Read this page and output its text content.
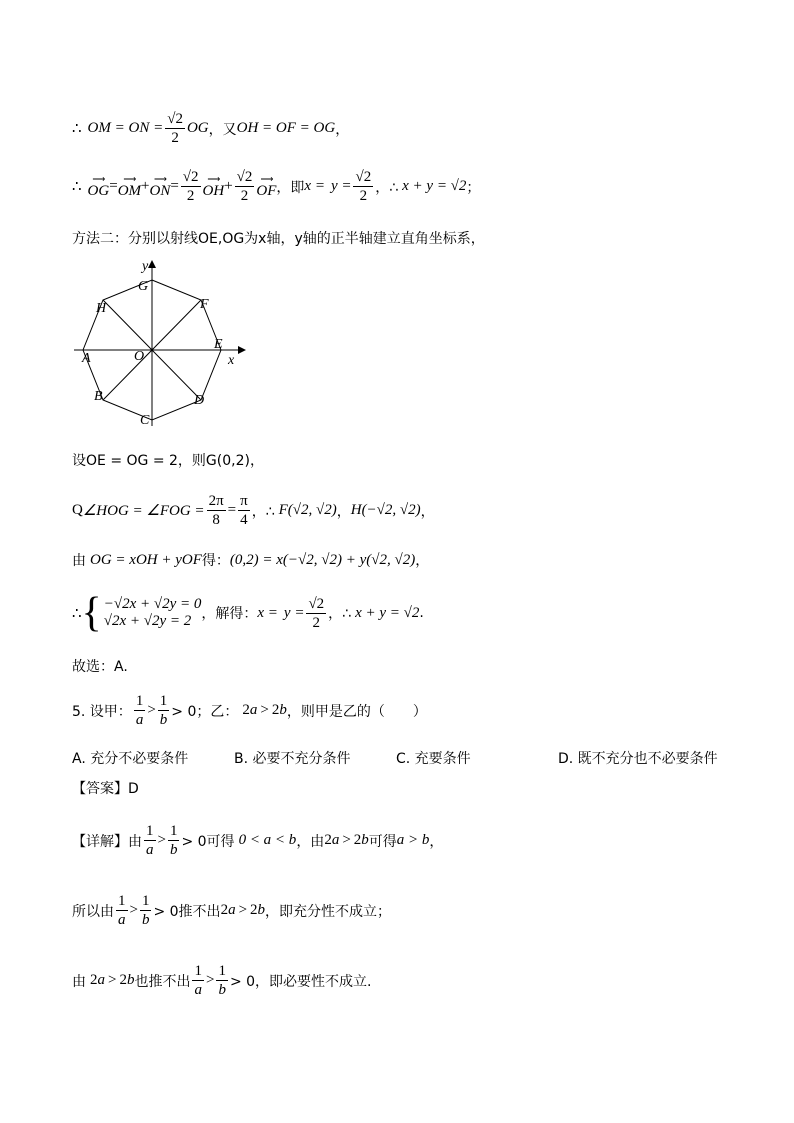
∴ OM = ON = $\frac{√2}{2}$ OG ，又 OH = OF = OG ，
∴
⟶
OG = ⟶
OM + ⟶
ON = $\frac{√2}{2}$ ⟶
OH + $\frac{√2}{2}$ ⟶
OF ，即 $x = y = \frac{√2}{2}$ ，∴ x + y = √2 ；
方法二：分别以射线OE,OG为x轴，y轴的正半轴建立直角坐标系，
y
x
G
F
H
E
A	O
B	D
C
设OE = OG = 2，则G(0,2)，
Q ∠HOG = ∠FOG = $\frac{2\pi}{8} = \frac{\pi}{4}$ ，∴ F(√2, √2) ， H(−√2, √2) ，
由 OG = xOH + yOF 得： (0,2) = x(−√2, √2) + y(√2, √2) ，
∴ { −√2x + √2y = 0
√2x + √2y = 2 ，解得： $x = y = \frac{√2}{2}$ ，∴ x + y = √2 .
故选：A.
5. 设甲： $\frac{1}{a} > \frac{1}{b} > 0$；乙： 2 a > 2 b ，则甲是乙的（　　）
A. 充分不必要条件	B. 必要不充分条件	C. 充要条件	D. 既不充分也不必要条件
【答案】D
【详解】由 $\frac{1}{a} > \frac{1}{b} > 0$可得 0 < a < b ，由 2 a > 2 b 可得 a > b ，
所以由 $\frac{1}{a} > \frac{1}{b} > 0$推不出 2 a > 2 b ，即充分性不成立；
由 2 a > 2 b 也推不出 $\frac{1}{a} > \frac{1}{b} > 0$，即必要性不成立.
